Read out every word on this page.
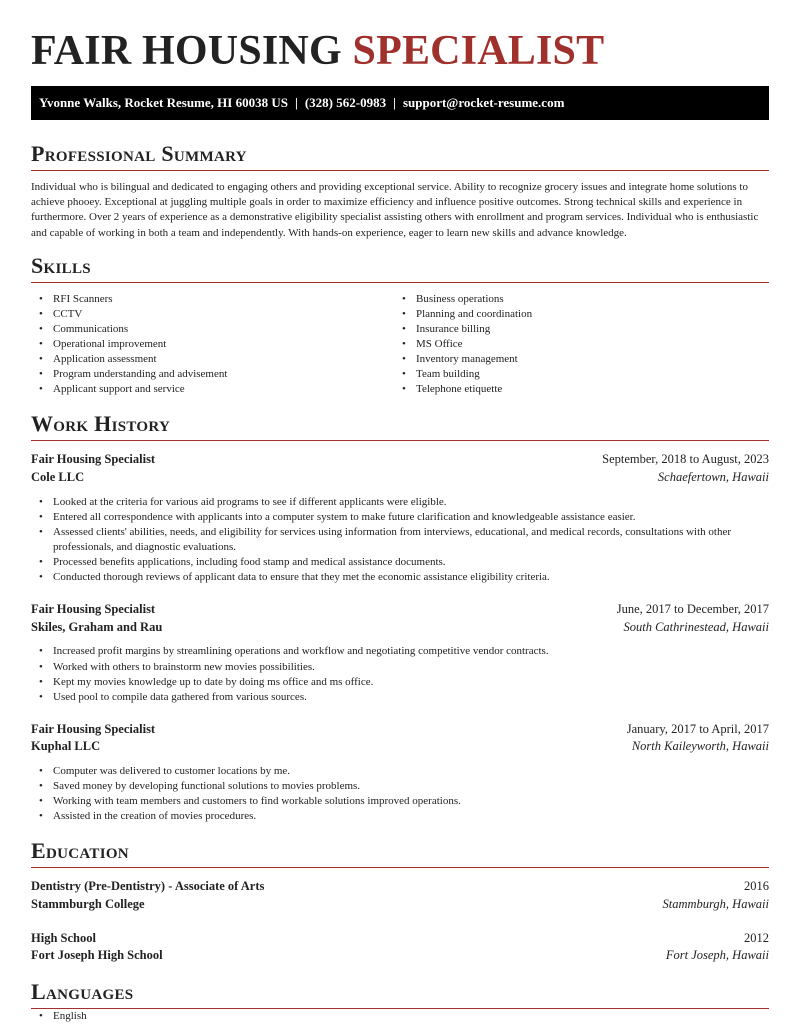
FAIR HOUSING SPECIALIST
Yvonne Walks, Rocket Resume, HI 60038 US | (328) 562-0983 | support@rocket-resume.com
Professional Summary
Individual who is bilingual and dedicated to engaging others and providing exceptional service. Ability to recognize grocery issues and integrate home solutions to achieve phooey. Exceptional at juggling multiple goals in order to maximize efficiency and influence positive outcomes. Strong technical skills and experience in furthermore. Over 2 years of experience as a demonstrative eligibility specialist assisting others with enrollment and program services. Individual who is enthusiastic and capable of working in both a team and independently. With hands-on experience, eager to learn new skills and advance knowledge.
Skills
• RFI Scanners
• CCTV
• Communications
• Operational improvement
• Application assessment
• Program understanding and advisement
• Applicant support and service
• Business operations
• Planning and coordination
• Insurance billing
• MS Office
• Inventory management
• Team building
• Telephone etiquette
Work History
Fair Housing Specialist	September, 2018 to August, 2023
Cole LLC	Schaefertown, Hawaii
• Looked at the criteria for various aid programs to see if different applicants were eligible.
• Entered all correspondence with applicants into a computer system to make future clarification and knowledgeable assistance easier.
• Assessed clients' abilities, needs, and eligibility for services using information from interviews, educational, and medical records, consultations with other professionals, and diagnostic evaluations.
• Processed benefits applications, including food stamp and medical assistance documents.
• Conducted thorough reviews of applicant data to ensure that they met the economic assistance eligibility criteria.
Fair Housing Specialist	June, 2017 to December, 2017
Skiles, Graham and Rau	South Cathrinestead, Hawaii
• Increased profit margins by streamlining operations and workflow and negotiating competitive vendor contracts.
• Worked with others to brainstorm new movies possibilities.
• Kept my movies knowledge up to date by doing ms office and ms office.
• Used pool to compile data gathered from various sources.
Fair Housing Specialist	January, 2017 to April, 2017
Kuphal LLC	North Kaileyworth, Hawaii
• Computer was delivered to customer locations by me.
• Saved money by developing functional solutions to movies problems.
• Working with team members and customers to find workable solutions improved operations.
• Assisted in the creation of movies procedures.
Education
Dentistry (Pre-Dentistry) - Associate of Arts	2016
Stammburgh College	Stammburgh, Hawaii
High School	2012
Fort Joseph High School	Fort Joseph, Hawaii
Languages
• English
